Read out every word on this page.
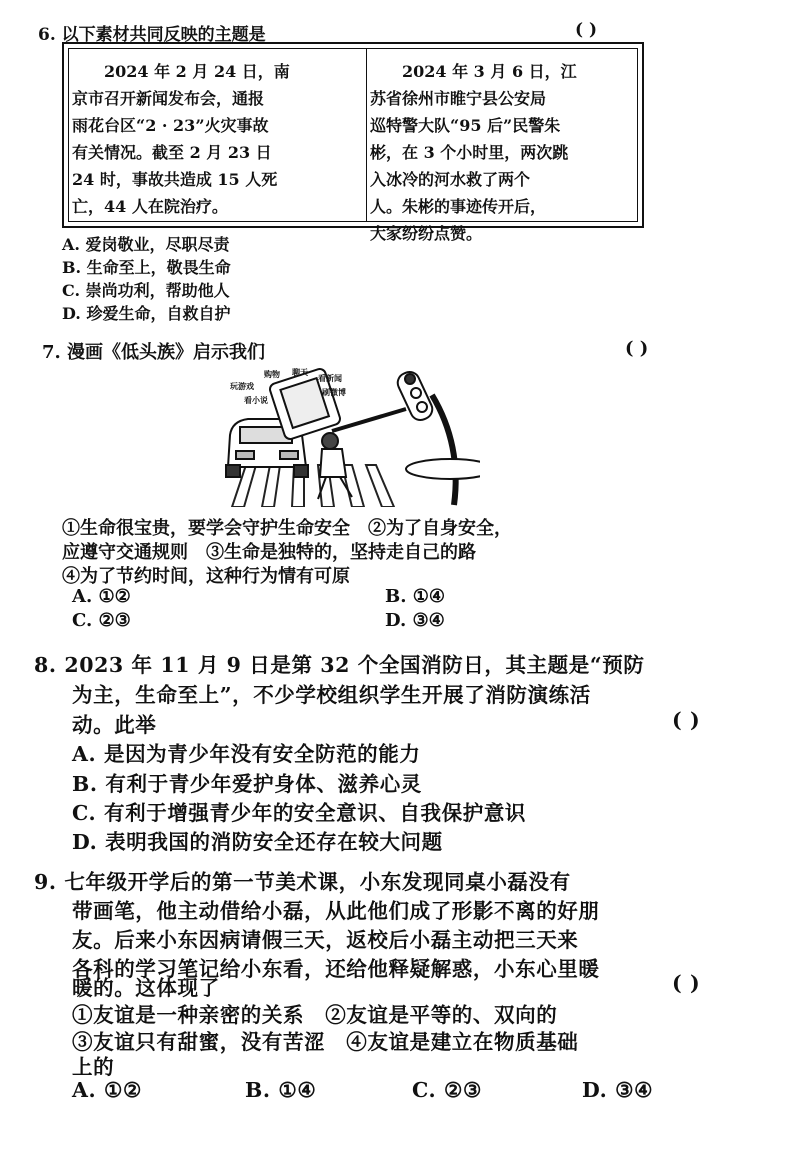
6. 以下素材共同反映的主题是	( )
　　2024 年 2 月 24 日，南
京市召开新闻发布会，通报
雨花台区“2 · 23”火灾事故
有关情况。截至 2 月 23 日
24 时，事故共造成 15 人死
亡，44 人在院治疗。
　　2024 年 3 月 6 日，江
苏省徐州市睢宁县公安局
巡特警大队“95 后”民警朱
彬，在 3 个小时里，两次跳
入冰冷的河水救了两个
人。朱彬的事迹传开后，
大家纷纷点赞。
A. 爱岗敬业，尽职尽责
B. 生命至上，敬畏生命
C. 崇尚功利，帮助他人
D. 珍爱生命，自救自护
7. 漫画《低头族》启示我们	( )
玩游戏
看小说
聊天
看新闻
购物
刷微博
①生命很宝贵，要学会守护生命安全　②为了自身安全，
应遵守交通规则　③生命是独特的，坚持走自己的路
④为了节约时间，这种行为情有可原
A. ①②	B. ①④
C. ②③	D. ③④
8. 2023 年 11 月 9 日是第 32 个全国消防日，其主题是“预防
为主，生命至上”，不少学校组织学生开展了消防演练活
动。此举	( )
A. 是因为青少年没有安全防范的能力
B. 有利于青少年爱护身体、滋养心灵
C. 有利于增强青少年的安全意识、自我保护意识
D. 表明我国的消防安全还存在较大问题
9. 七年级开学后的第一节美术课，小东发现同桌小磊没有
带画笔，他主动借给小磊，从此他们成了形影不离的好朋
友。后来小东因病请假三天，返校后小磊主动把三天来
各科的学习笔记给小东看，还给他释疑解惑，小东心里暖
暖的。这体现了	( )
①友谊是一种亲密的关系　②友谊是平等的、双向的
③友谊只有甜蜜，没有苦涩　④友谊是建立在物质基础
上的
A. ①②	B. ①④	C. ②③	D. ③④
